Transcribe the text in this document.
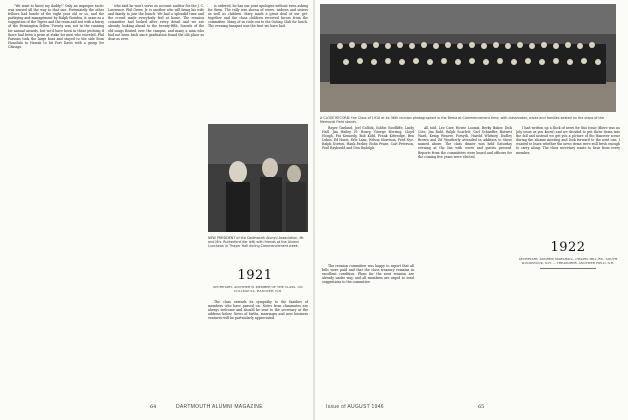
"We want to know my daddy!" Only an improper tactic was sensed all the way to that one. Fortunately the other fellows had bonds of the eight year old or so, and the parlaying and management by Ralph Rowden, it came as a suggestion of the Tigers and the team and not with a hurry of the Pennington fellow. Twenty was not in the running for annual awards, but we'd have been in these pitching if there had been a prize at stake for men who traveled. Phil Parsons took the large boat and stayed to the side from Honolulu to Hawaii to hit Fort Davis with a group for Chicago.

who said he won't serve as account auditor for the J. C. Lawrence. Phil Greer, Jr. is another who will bring his wife and family to join the bunch. We had a splendid time and the crowd made everybody feel at home. The reunion committee had looked after every detail and we are already looking ahead to the twenty-fifth. Sounds of the old songs floated over the campus, and many a man who had not been back since graduation found the old place as dear as ever.

is ordered, he has our joint apologies without even asking for them. The rally was shown of wives, widows and sisters as well as children. Mary made a great deal of our get-together and the class children received favors from the committee. Many of us rode out to the Outing Club for lunch. The evening banquet was the best we have had.

NEW PRESIDENT of the Dartmouth Alumni Association, Mr. and Mrs. Rutherford (far left) with friends at the Alumni Luncheon in Thayer Hall during Commencement week.
1921
SECRETARY, ANOTHER W. MEMBER OF THE CLASS, 102 COLLEGE ST., HANOVER, N.H.

The class extends its sympathy to the families of members who have passed on. Notes from classmates are always welcome and should be sent to the secretary at the address below. News of births, marriages and new business ventures will be particularly appreciated.

64	DARTMOUTH ALUMNI MAGAZINE
A CLOSE RECORD: the Class of 1910 at its 36th reunion photographed in the Bema at Commencement time, with classmates, wives and families seated on the steps of the Memorial Field stands.

Rayer Garland, Joel Gollick, Goldie Goodliffe, Lindy Hall, Jim Hailey, H. Henry, George Herring, Lloyd Hough, Pat Kennedy, Bob Kidd, Frank Kittredge, Ben Lukas, Ed Hurst, Erle Lane, Wilson Morrison, Fred Nye, Ralph Norton, Hank Parker, Rohn Pease, Carl Peterson, Paul Raybould and Don Rudolph.

The reunion committee was happy to report that all bills were paid and that the class treasury remains in excellent condition. Plans for the next reunion are already under way, and all members are urged to send suggestions to the committee.

All told, Lee Carr, Howie Loomis, Berky Baker, Dick Cote, Jim Ruhl, Ralph Scarlett, Carl Schaeffer, Barnett Ward, Kemp Weaver, Forsyth, Harold Whitney, Dudley Brown and Ed Weatherly attended in addition to those named above. The class dinner was held Saturday evening at the Inn with wives and guests present. Reports from the committees were heard and officers for the coming five years were elected.

I had written up a flock of news for this issue (there was no July issue as you know) and we decided to put these items into the fall and instead we get you a picture of the Hanover scene during the alumni meeting and look forward to the next one. I wanted to learn whether the news items were still fresh enough to carry along. The class secretary wants to hear from every member.

1922
SECRETARY, ANDREW MARSHALL, CHAPEL HILL RD., SOUTH WOODSTOCK, N.H. — TREASURER, ANOTHER FIELD, N.H.
65
Issue of AUGUST 1946
